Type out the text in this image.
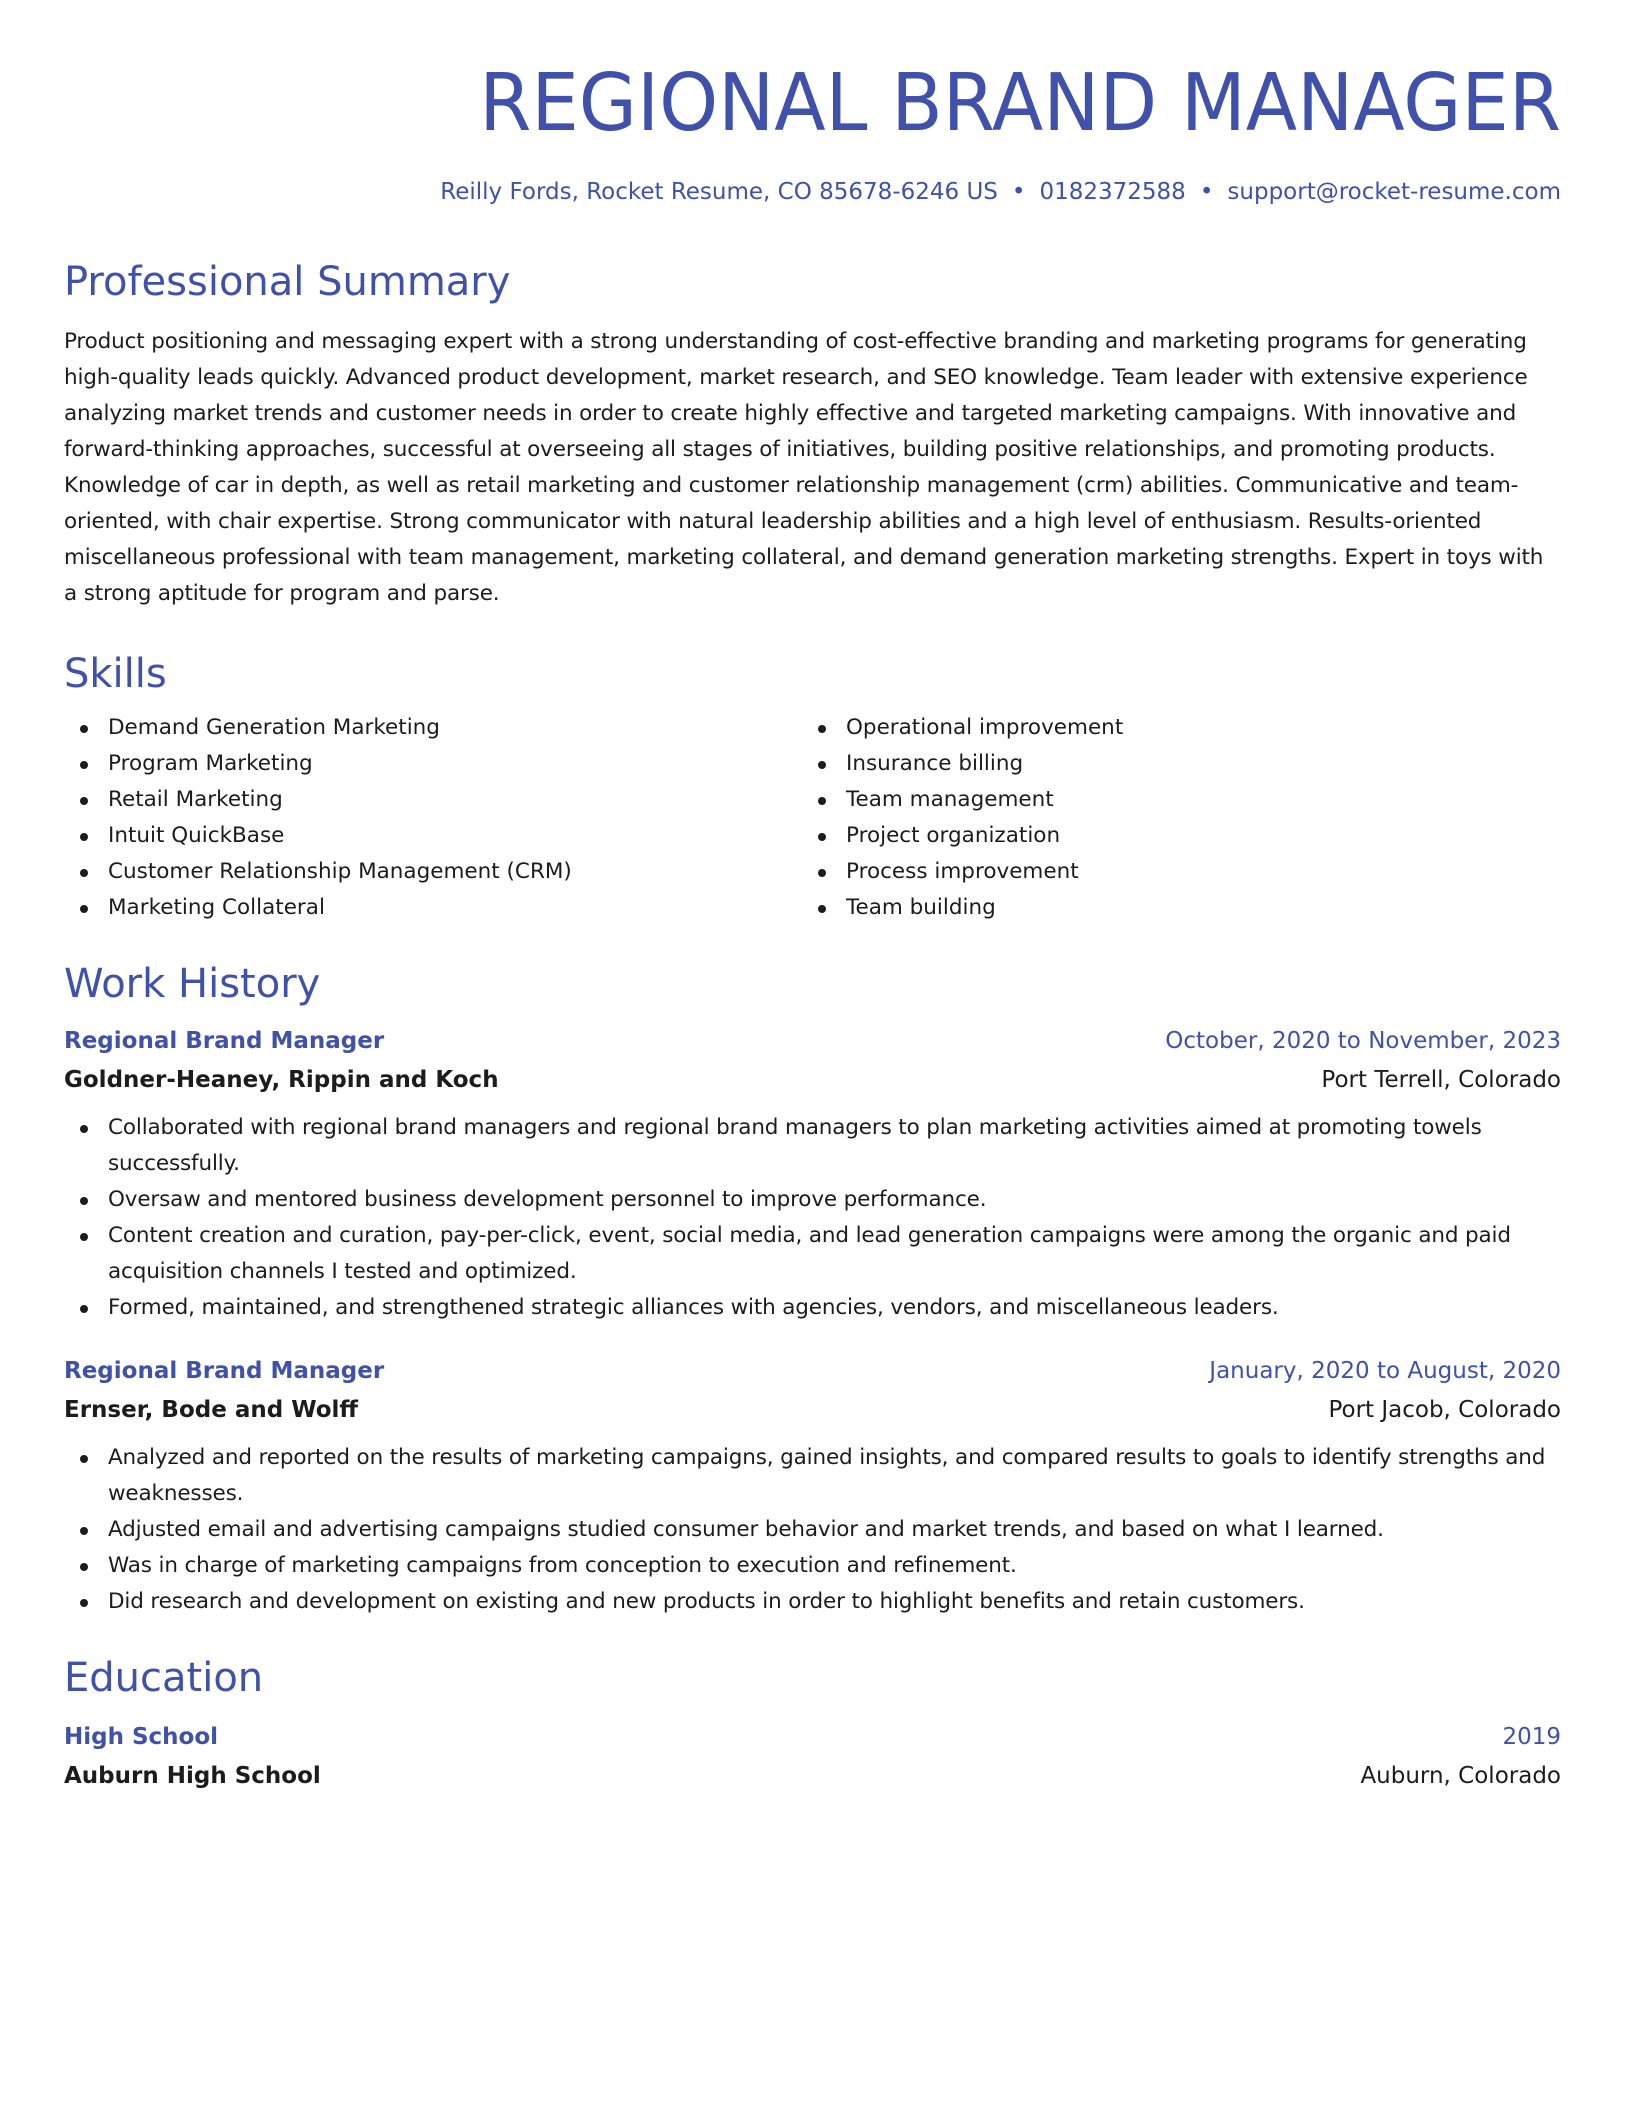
REGIONAL BRAND MANAGER
Reilly Fords, Rocket Resume, CO 85678-6246 US • 0182372588 • support@rocket-resume.com
Professional Summary
Product positioning and messaging expert with a strong understanding of cost-effective branding and marketing programs for generating high-quality leads quickly. Advanced product development, market research, and SEO knowledge. Team leader with extensive experience analyzing market trends and customer needs in order to create highly effective and targeted marketing campaigns. With innovative and forward-thinking approaches, successful at overseeing all stages of initiatives, building positive relationships, and promoting products. Knowledge of car in depth, as well as retail marketing and customer relationship management (crm) abilities. Communicative and team-oriented, with chair expertise. Strong communicator with natural leadership abilities and a high level of enthusiasm. Results-oriented miscellaneous professional with team management, marketing collateral, and demand generation marketing strengths. Expert in toys with a strong aptitude for program and parse.
Skills
Demand Generation Marketing
Program Marketing
Retail Marketing
Intuit QuickBase
Customer Relationship Management (CRM)
Marketing Collateral
Operational improvement
Insurance billing
Team management
Project organization
Process improvement
Team building
Work History
Regional Brand Manager	October, 2020 to November, 2023
Goldner-Heaney, Rippin and Koch	Port Terrell, Colorado
Collaborated with regional brand managers and regional brand managers to plan marketing activities aimed at promoting towels successfully.
Oversaw and mentored business development personnel to improve performance.
Content creation and curation, pay-per-click, event, social media, and lead generation campaigns were among the organic and paid acquisition channels I tested and optimized.
Formed, maintained, and strengthened strategic alliances with agencies, vendors, and miscellaneous leaders.
Regional Brand Manager	January, 2020 to August, 2020
Ernser, Bode and Wolff	Port Jacob, Colorado
Analyzed and reported on the results of marketing campaigns, gained insights, and compared results to goals to identify strengths and weaknesses.
Adjusted email and advertising campaigns studied consumer behavior and market trends, and based on what I learned.
Was in charge of marketing campaigns from conception to execution and refinement.
Did research and development on existing and new products in order to highlight benefits and retain customers.
Education
High School	2019
Auburn High School	Auburn, Colorado
